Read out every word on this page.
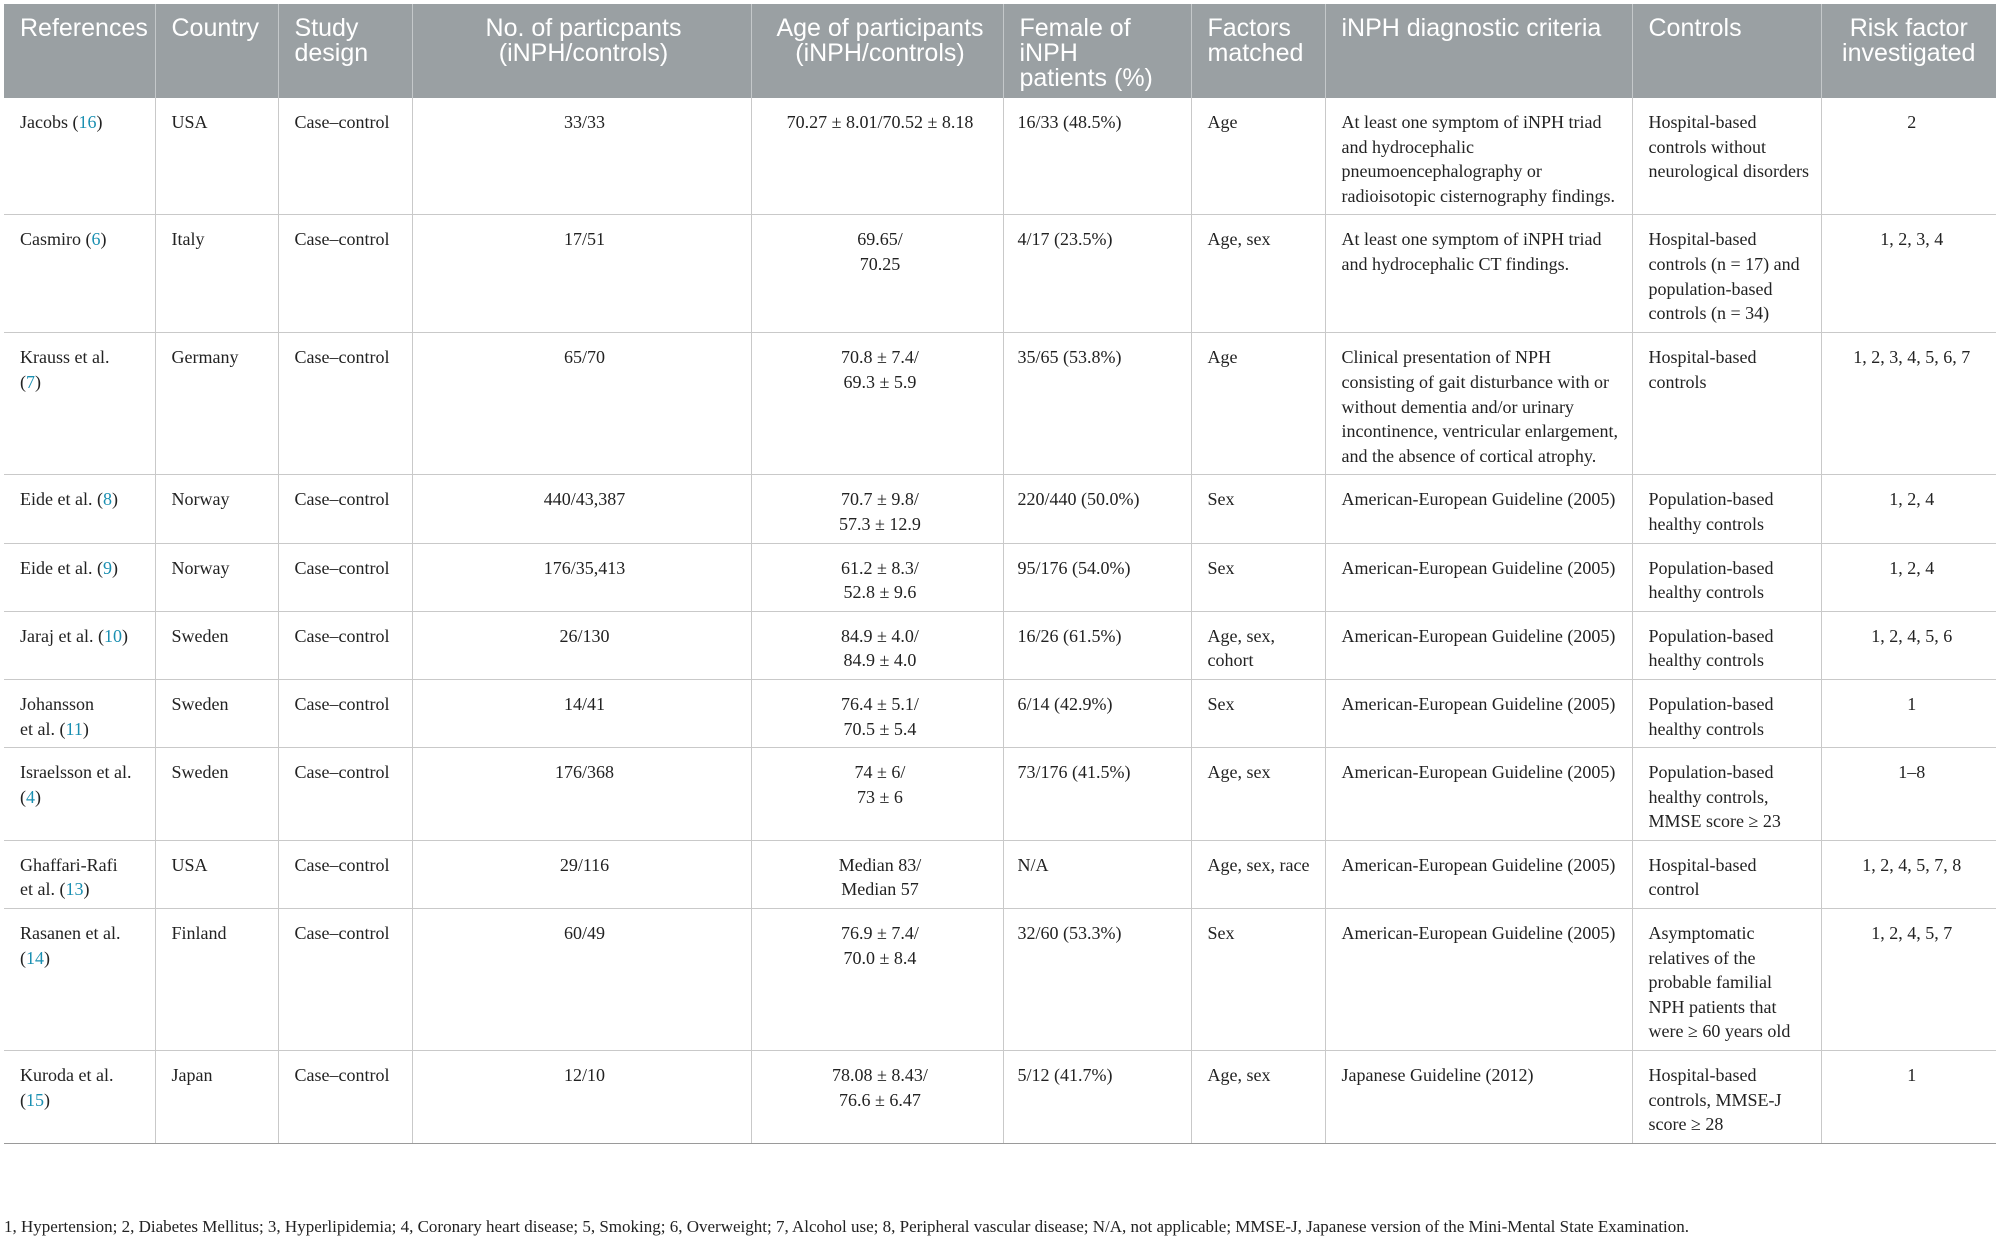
References	Country	Study design	No. of particpants (iNPH/controls)	Age of participants (iNPH/controls)	Female of iNPH patients (%)	Factors matched	iNPH diagnostic criteria	Controls	Risk factor investigated
Jacobs (16)	USA	Case–control	33/33	70.27 ± 8.01/70.52 ± 8.18	16/33 (48.5%)	Age	At least one symptom of iNPH triad and hydrocephalic pneumoencephalography or radioisotopic cisternography findings.	Hospital-based controls without neurological disorders	2
Casmiro (6)	Italy	Case–control	17/51	69.65/
70.25	4/17 (23.5%)	Age, sex	At least one symptom of iNPH triad and hydrocephalic CT findings.	Hospital-based controls (n = 17) and population-based controls (n = 34)	1, 2, 3, 4
Krauss et al.
(7)	Germany	Case–control	65/70	70.8 ± 7.4/
69.3 ± 5.9	35/65 (53.8%)	Age	Clinical presentation of NPH consisting of gait disturbance with or without dementia and/or urinary incontinence, ventricular enlargement, and the absence of cortical atrophy.	Hospital-based controls	1, 2, 3, 4, 5, 6, 7
Eide et al. (8)	Norway	Case–control	440/43,387	70.7 ± 9.8/
57.3 ± 12.9	220/440 (50.0%)	Sex	American-European Guideline (2005)	Population-based healthy controls	1, 2, 4
Eide et al. (9)	Norway	Case–control	176/35,413	61.2 ± 8.3/
52.8 ± 9.6	95/176 (54.0%)	Sex	American-European Guideline (2005)	Population-based healthy controls	1, 2, 4
Jaraj et al. (10)	Sweden	Case–control	26/130	84.9 ± 4.0/
84.9 ± 4.0	16/26 (61.5%)	Age, sex, cohort	American-European Guideline (2005)	Population-based healthy controls	1, 2, 4, 5, 6
Johansson
et al. (11)	Sweden	Case–control	14/41	76.4 ± 5.1/
70.5 ± 5.4	6/14 (42.9%)	Sex	American-European Guideline (2005)	Population-based healthy controls	1
Israelsson et al.
(4)	Sweden	Case–control	176/368	74 ± 6/
73 ± 6	73/176 (41.5%)	Age, sex	American-European Guideline (2005)	Population-based healthy controls, MMSE score ≥ 23	1–8
Ghaffari-Rafi
et al. (13)	USA	Case–control	29/116	Median 83/
Median 57	N/A	Age, sex, race	American-European Guideline (2005)	Hospital-based control	1, 2, 4, 5, 7, 8
Rasanen et al.
(14)	Finland	Case–control	60/49	76.9 ± 7.4/
70.0 ± 8.4	32/60 (53.3%)	Sex	American-European Guideline (2005)	Asymptomatic relatives of the probable familial NPH patients that were ≥ 60 years old	1, 2, 4, 5, 7
Kuroda et al.
(15)	Japan	Case–control	12/10	78.08 ± 8.43/
76.6 ± 6.47	5/12 (41.7%)	Age, sex	Japanese Guideline (2012)	Hospital-based controls, MMSE-J score ≥ 28	1
1, Hypertension; 2, Diabetes Mellitus; 3, Hyperlipidemia; 4, Coronary heart disease; 5, Smoking; 6, Overweight; 7, Alcohol use; 8, Peripheral vascular disease; N/A, not applicable; MMSE-J, Japanese version of the Mini-Mental State Examination.
